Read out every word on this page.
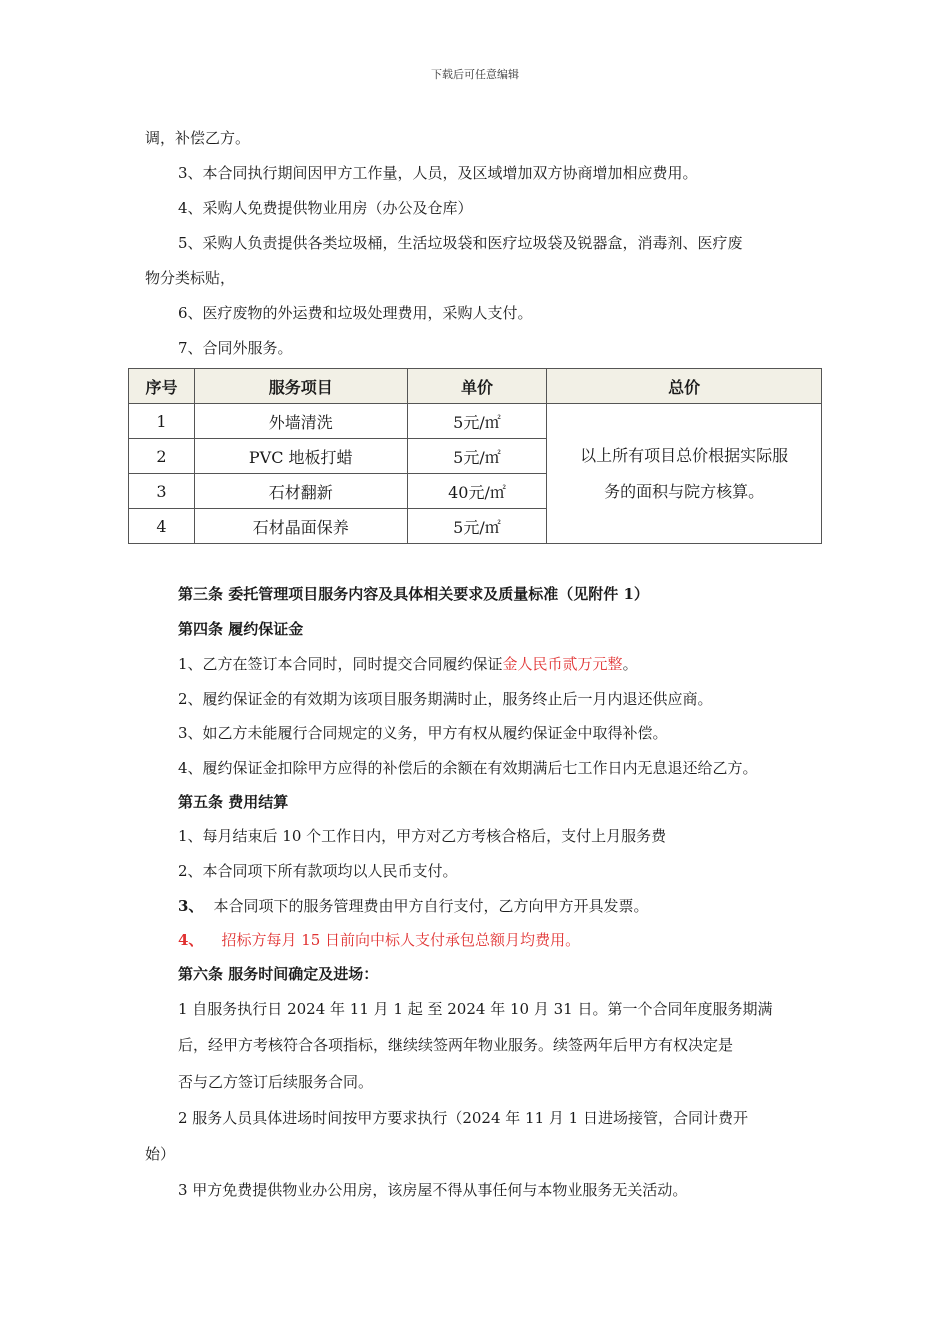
下载后可任意编辑
调，补偿乙方。
3、本合同执行期间因甲方工作量，人员，及区域增加双方协商增加相应费用。
4、采购人免费提供物业用房（办公及仓库）
5、采购人负责提供各类垃圾桶，生活垃圾袋和医疗垃圾袋及锐器盒，消毒剂、医疗废
物分类标贴，
6、医疗废物的外运费和垃圾处理费用，采购人支付。
7、合同外服务。
序号	服务项目	单价	总价
1	外墙清洗	5元/㎡	以上所有项目总价根据实际服
务的面积与院方核算。
2	PVC 地板打蜡	5元/㎡	
3	石材翻新	40元/㎡	
4	石材晶面保养	5元/㎡	
第三条 委托管理项目服务内容及具体相关要求及质量标准（见附件 1）
第四条 履约保证金
1、乙方在签订本合同时，同时提交合同履约保证金人民币贰万元整。
2、履约保证金的有效期为该项目服务期满时止，服务终止后一月内退还供应商。
3、如乙方未能履行合同规定的义务，甲方有权从履约保证金中取得补偿。
4、履约保证金扣除甲方应得的补偿后的余额在有效期满后七工作日内无息退还给乙方。
第五条 费用结算
1、每月结束后 10 个工作日内，甲方对乙方考核合格后，支付上月服务费
2、本合同项下所有款项均以人民币支付。
3、 本合同项下的服务管理费由甲方自行支付，乙方向甲方开具发票。
4、 招标方每月 15 日前向中标人支付承包总额月均费用。
第六条 服务时间确定及进场：
1 自服务执行日 2024 年 11 月 1 起 至 2024 年 10 月 31 日。第一个合同年度服务期满
后，经甲方考核符合各项指标，继续续签两年物业服务。续签两年后甲方有权决定是
否与乙方签订后续服务合同。
2 服务人员具体进场时间按甲方要求执行（2024 年 11 月 1 日进场接管，合同计费开
始）
3 甲方免费提供物业办公用房，该房屋不得从事任何与本物业服务无关活动。
